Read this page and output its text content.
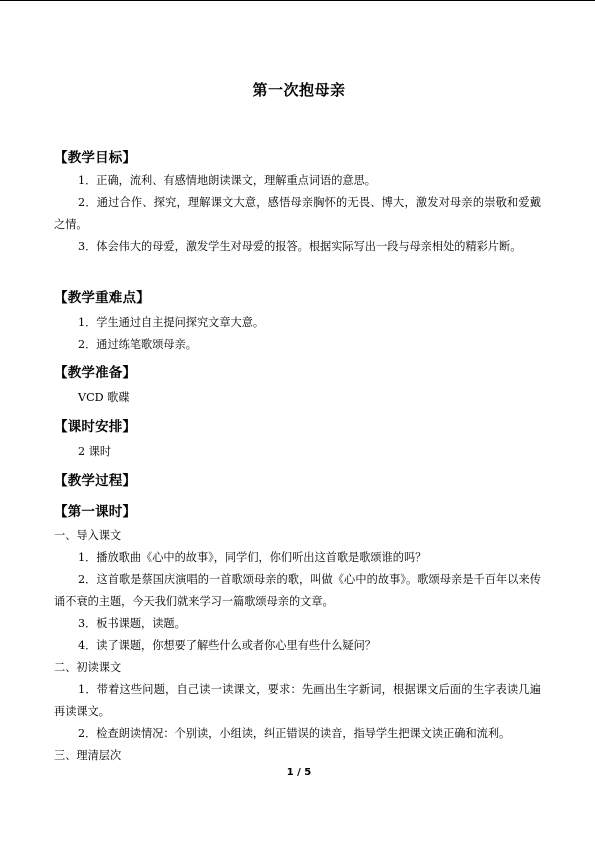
第一次抱母亲
【教学目标】
1．正确，流利、有感情地朗读课文，理解重点词语的意思。
2．通过合作、探究，理解课文大意，感悟母亲胸怀的无畏、博大，激发对母亲的崇敬和爱戴之情。
3．体会伟大的母爱，激发学生对母爱的报答。根据实际写出一段与母亲相处的精彩片断。
【教学重难点】
1．学生通过自主提问探究文章大意。
2．通过练笔歌颂母亲。
【教学准备】
VCD 歌碟
【课时安排】
2 课时
【教学过程】
【第一课时】
一、导入课文
1．播放歌曲《心中的故事》，同学们，你们听出这首歌是歌颂谁的吗？
2．这首歌是蔡国庆演唱的一首歌颂母亲的歌，叫做《心中的故事》。歌颂母亲是千百年以来传诵不衰的主题，今天我们就来学习一篇歌颂母亲的文章。
3．板书课题，读题。
4．读了课题，你想要了解些什么或者你心里有些什么疑问？
二、初读课文
1．带着这些问题，自己读一读课文，要求：先画出生字新词，根据课文后面的生字表读几遍再读课文。
2．检查朗读情况：个别读，小组读，纠正错误的读音，指导学生把课文读正确和流利。
三、理清层次
1 / 5
